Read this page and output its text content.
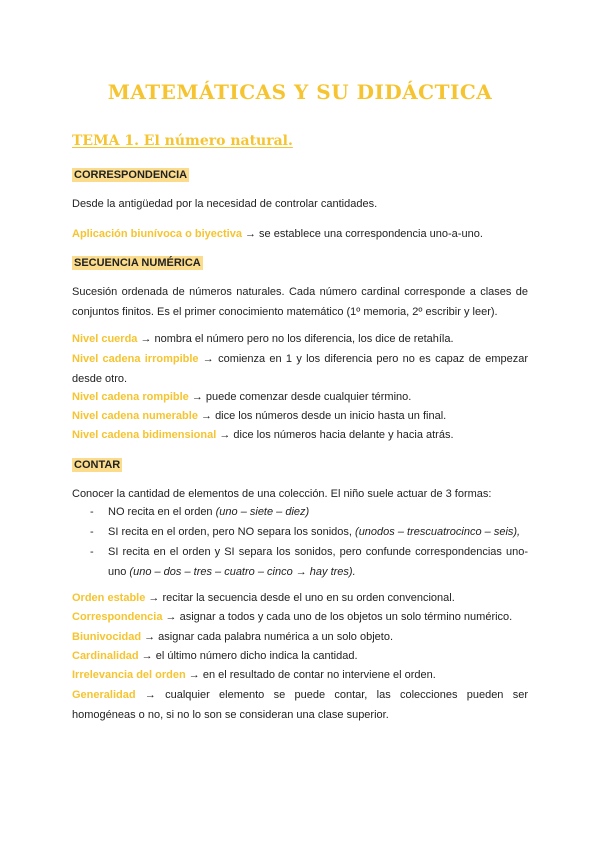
MATEMÁTICAS Y SU DIDÁCTICA
TEMA 1. El número natural.
CORRESPONDENCIA

Desde la antigüedad por la necesidad de controlar cantidades.

Aplicación biunívoca o biyectiva → se establece una correspondencia uno-a-uno.

SECUENCIA NUMÉRICA

Sucesión ordenada de números naturales. Cada número cardinal corresponde a clases de conjuntos finitos. Es el primer conocimiento matemático (1º memoria, 2º escribir y leer).

Nivel cuerda → nombra el número pero no los diferencia, los dice de retahíla.

Nivel cadena irrompible → comienza en 1 y los diferencia pero no es capaz de empezar desde otro.

Nivel cadena rompible → puede comenzar desde cualquier término.

Nivel cadena numerable → dice los números desde un inicio hasta un final.

Nivel cadena bidimensional → dice los números hacia delante y hacia atrás.

CONTAR

Conocer la cantidad de elementos de una colección. El niño suele actuar de 3 formas:

- NO recita en el orden (uno – siete – diez)
- SI recita en el orden, pero NO separa los sonidos, (unodos – trescuatrocinco – seis),
- SI recita en el orden y SI separa los sonidos, pero confunde correspondencias uno-uno (uno – dos – tres – cuatro – cinco → hay tres).

Orden estable → recitar la secuencia desde el uno en su orden convencional.

Correspondencia → asignar a todos y cada uno de los objetos un solo término numérico.

Biunivocidad → asignar cada palabra numérica a un solo objeto.

Cardinalidad → el último número dicho indica la cantidad.

Irrelevancia del orden → en el resultado de contar no interviene el orden.

Generalidad → cualquier elemento se puede contar, las colecciones pueden ser homogéneas o no, si no lo son se consideran una clase superior.
